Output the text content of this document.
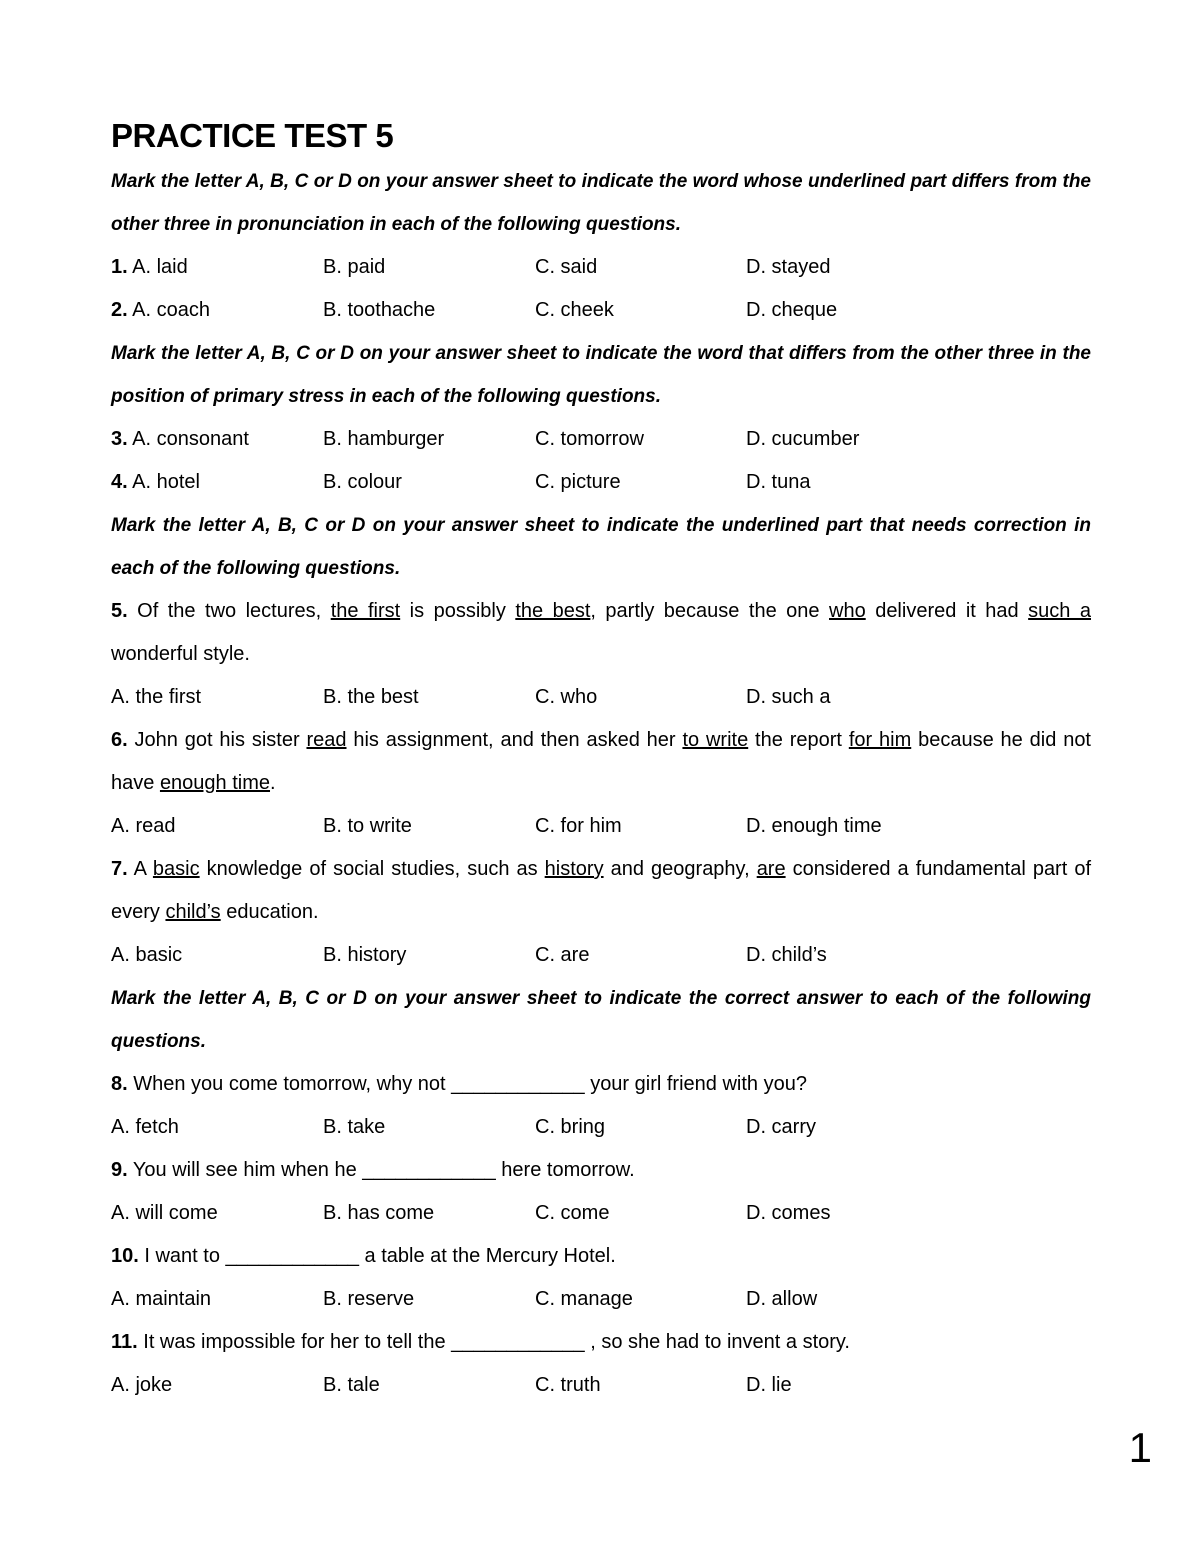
PRACTICE TEST 5
Mark the letter A, B, C or D on your answer sheet to indicate the word whose underlined part differs from the other three in pronunciation in each of the following questions.
1. A. laid	B. paid	C. said	D. stayed
2. A. coach	B. toothache	C. cheek	D. cheque
Mark the letter A, B, C or D on your answer sheet to indicate the word that differs from the other three in the position of primary stress in each of the following questions.
3. A. consonant	B. hamburger	C. tomorrow	D. cucumber
4. A. hotel	B. colour	C. picture	D. tuna
Mark the letter A, B, C or D on your answer sheet to indicate the underlined part that needs correction in each of the following questions.
5. Of the two lectures, the first is possibly the best, partly because the one who delivered it had such a wonderful style.
A. the first	B. the best	C. who	D. such a
6. John got his sister read his assignment, and then asked her to write the report for him because he did not have enough time.
A. read	B. to write	C. for him	D. enough time
7. A basic knowledge of social studies, such as history and geography, are considered a fundamental part of every child’s education.
A. basic	B. history	C. are	D. child’s
Mark the letter A, B, C or D on your answer sheet to indicate the correct answer to each of the following questions.
8. When you come tomorrow, why not ____________ your girl friend with you?
A. fetch	B. take	C. bring	D. carry
9. You will see him when he ____________ here tomorrow.
A. will come	B. has come	C. come	D. comes
10. I want to ____________ a table at the Mercury Hotel.
A. maintain	B. reserve	C. manage	D. allow
11. It was impossible for her to tell the ____________ , so she had to invent a story.
A. joke	B. tale	C. truth	D. lie
1
